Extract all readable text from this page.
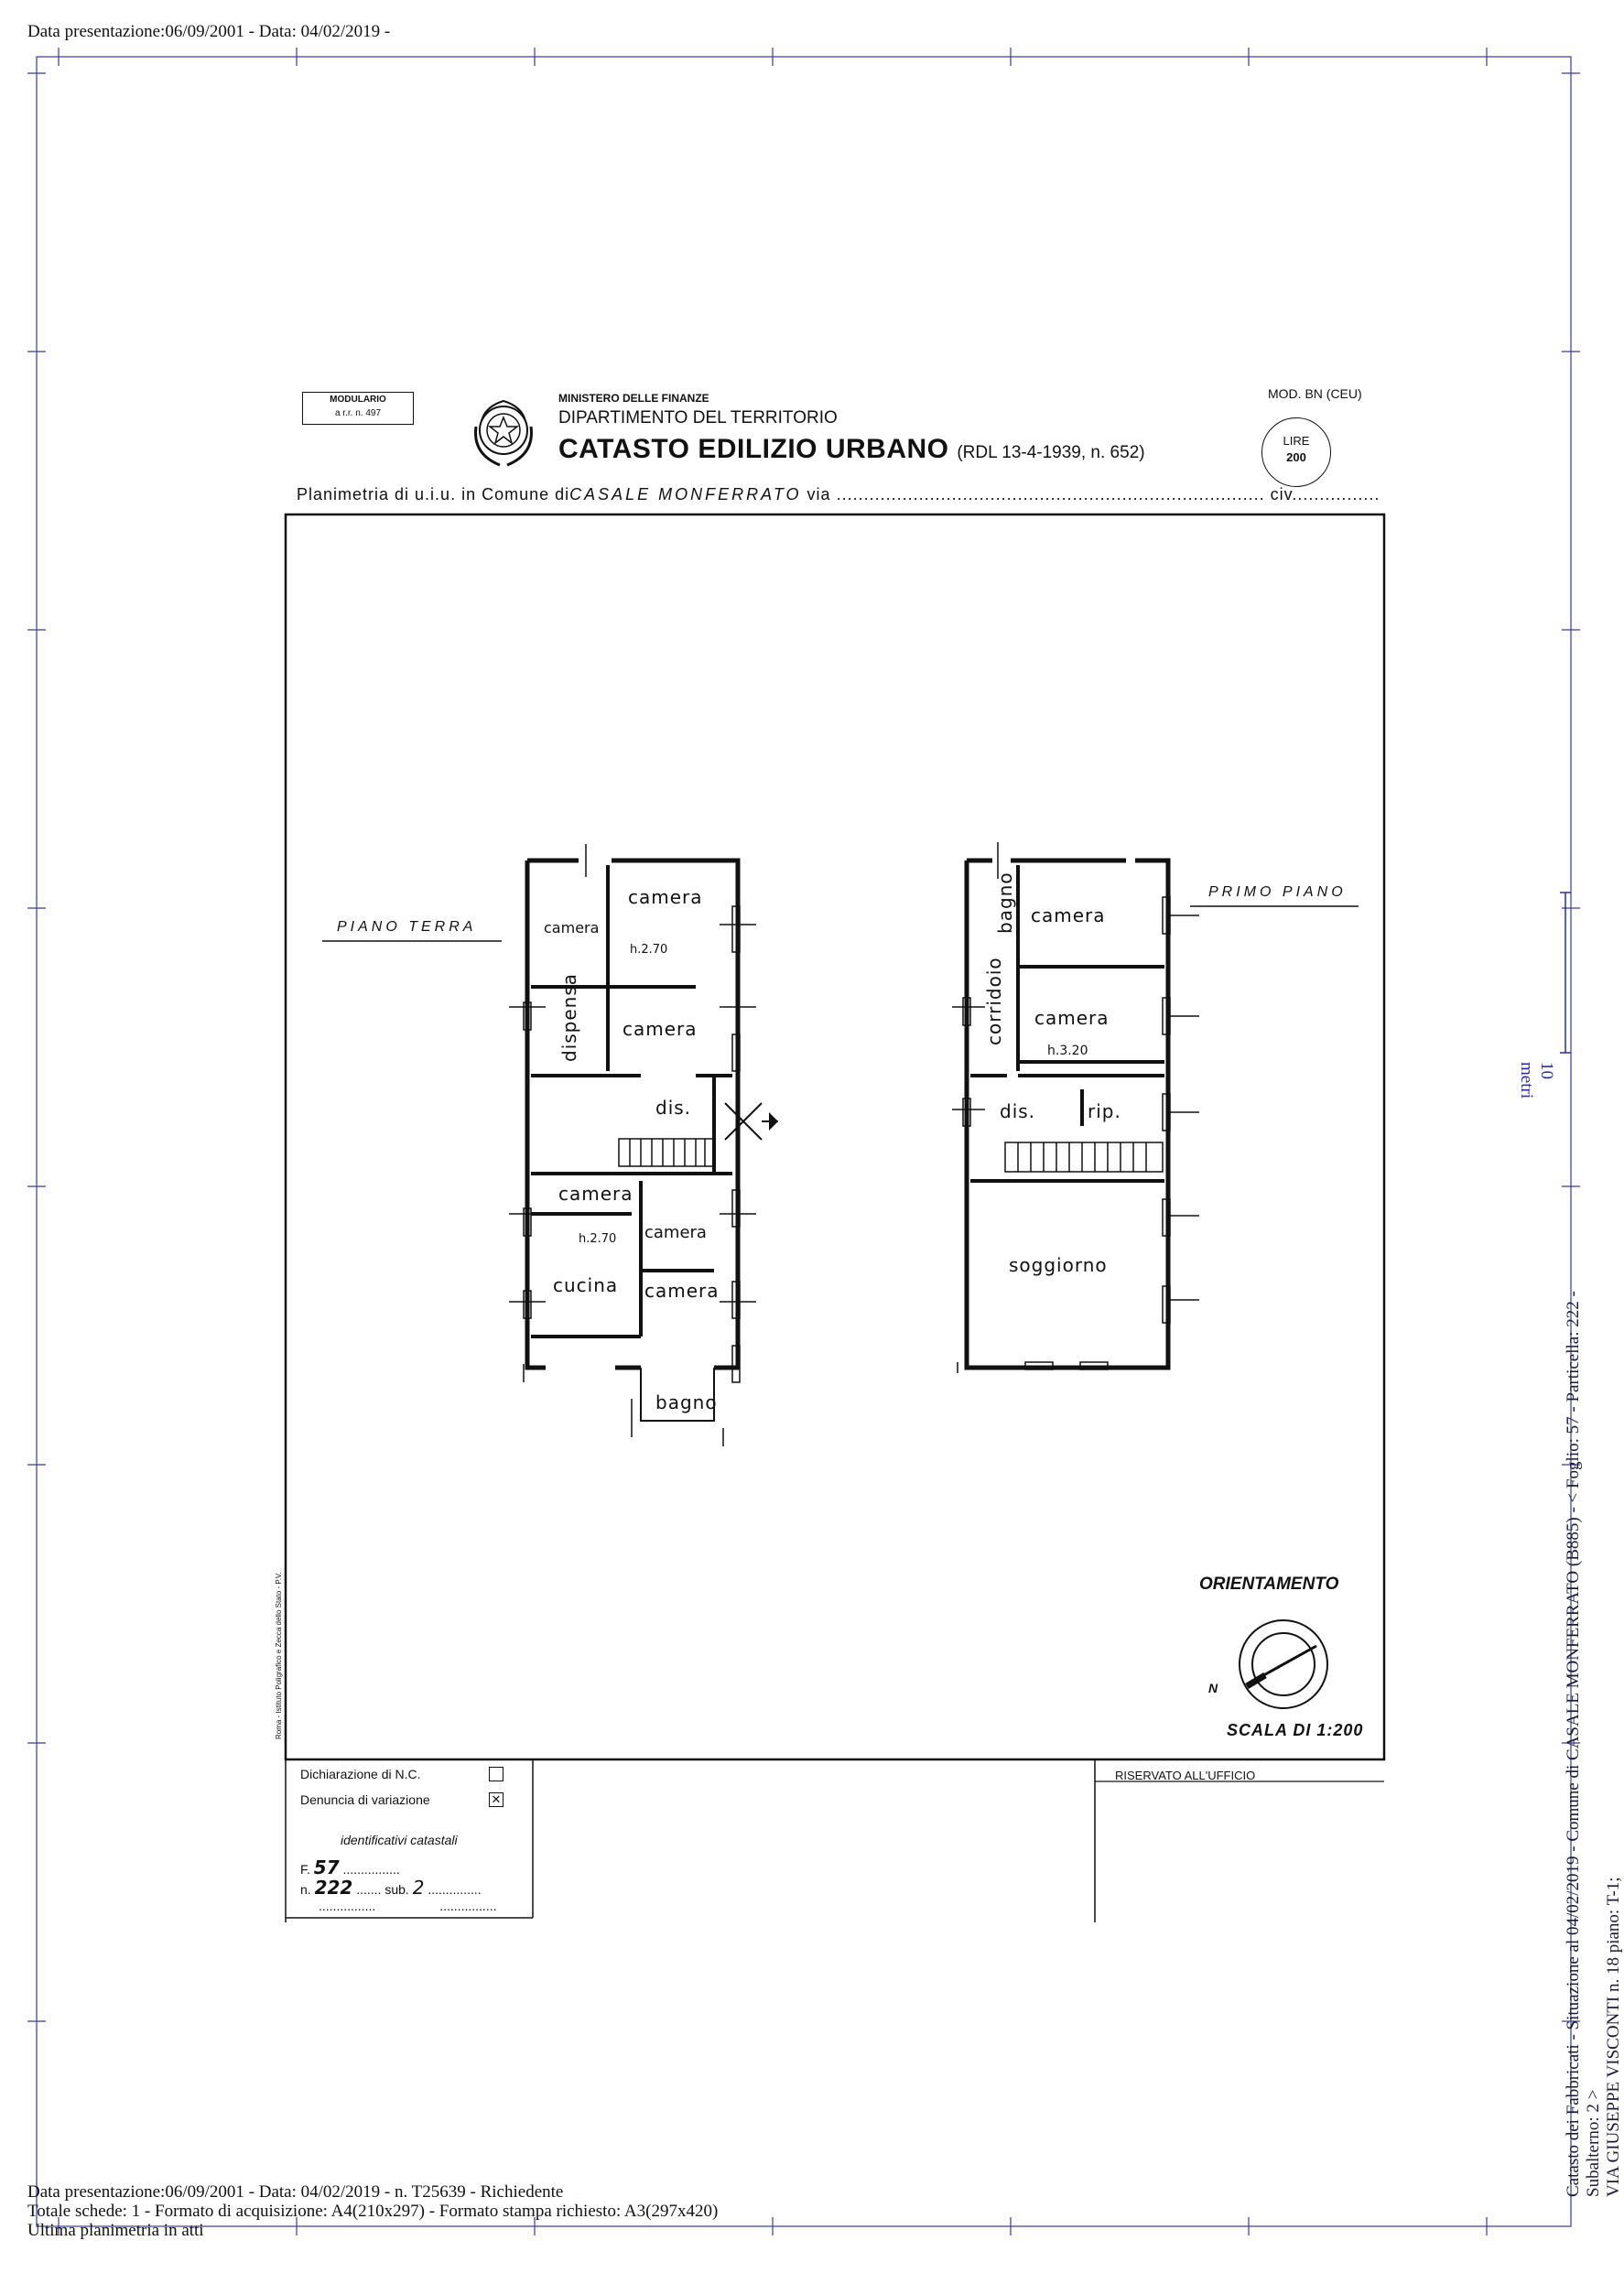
Data presentazione:06/09/2001 - Data: 04/02/2019 -
10 metri
Catasto dei Fabbricati - Situazione al 04/02/2019 - Comune di CASALE MONFERRATO (B885) - < Foglio: 57 - Particella: 222 - Subalterno: 2 > VIA GIUSEPPE VISCONTI n. 18 piano: T-1;
MODULARIO
a r.r. n. 497
MINISTERO DELLE FINANZE
DIPARTIMENTO DEL TERRITORIO
CATASTO EDILIZIO URBANO (RDL 13-4-1939, n. 652)
MOD. BN (CEU)
LIRE
200
Planimetria di u.i.u. in Comune diCASALE MONFERRATO via .............................................................................. civ................
PIANO TERRA
PRIMO PIANO
camera
camera
h.2.70
dispensa camera
dis.
camera
h.2.70 camera
cucina camera
bagno
bagno camera
corridoio camera
h.3.20
dis.	rip.
soggiorno
ORIENTAMENTO
N
SCALA DI 1:200
Roma - Istituto Poligrafico e Zecca dello Stato - P.V.
Dichiarazione di N.C.
Denuncia di variazione	✕
identificativi catastali
F. 57 ................
n. 222 ....... sub. 2 ...............
................	................
RISERVATO ALL'UFFICIO
Data presentazione:06/09/2001 - Data: 04/02/2019 - n. T25639 - Richiedente
Totale schede: 1 - Formato di acquisizione: A4(210x297) - Formato stampa richiesto: A3(297x420)
Ultima planimetria in atti
